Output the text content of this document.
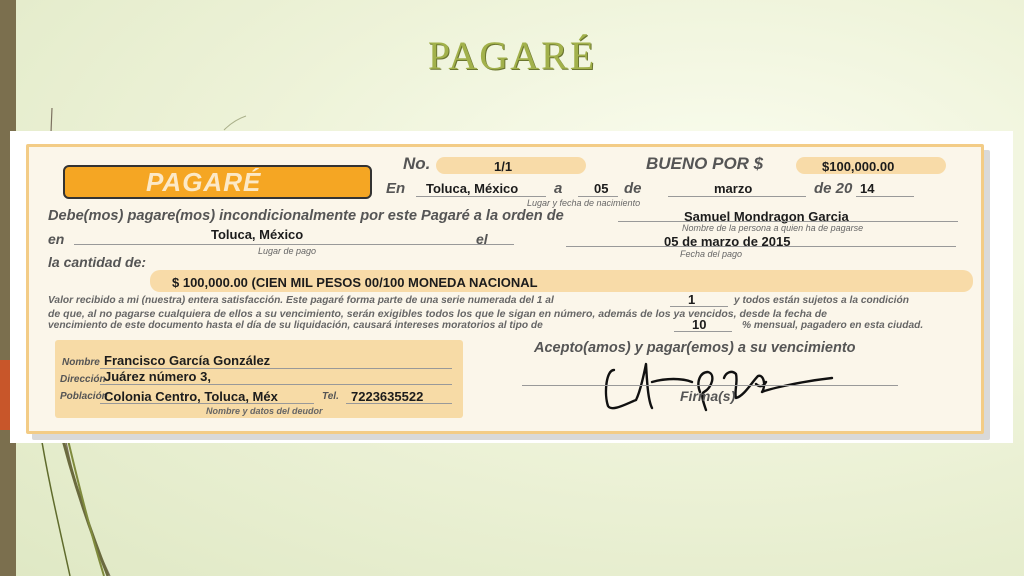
PAGARÉ
PAGARÉ
No.	1/1	BUENO POR $	$100,000.00
En Toluca, México a 05 de	marzo	de 20 14
Lugar y fecha de nacimiento
Debe(mos) pagare(mos) incondicionalmente por este Pagaré a la orden de	Samuel Mondragon Garcia
Nombre de la persona a quien ha de pagarse
en	Toluca, México	el	05 de marzo de 2015
Lugar de pago	Fecha del pago
la cantidad de:
$ 100,000.00 (CIEN MIL PESOS 00/100 MONEDA NACIONAL
Valor recibido a mi (nuestra) entera satisfacción. Este pagaré forma parte de una serie numerada del 1 al	1	y todos están sujetos a la condición
de que, al no pagarse cualquiera de ellos a su vencimiento, serán exigibles todos los que le sigan en número, además de los ya vencidos, desde la fecha de
vencimiento de este documento hasta el día de su liquidación, causará intereses moratorios al tipo de	10	% mensual, pagadero en esta ciudad.
Nombre Francisco García González
Dirección
Juárez número 3,
Población
Colonia Centro, Toluca, Méx	Tel. 7223635522
Nombre y datos del deudor
Acepto(amos) y pagar(emos) a su vencimiento
Firma(s)
